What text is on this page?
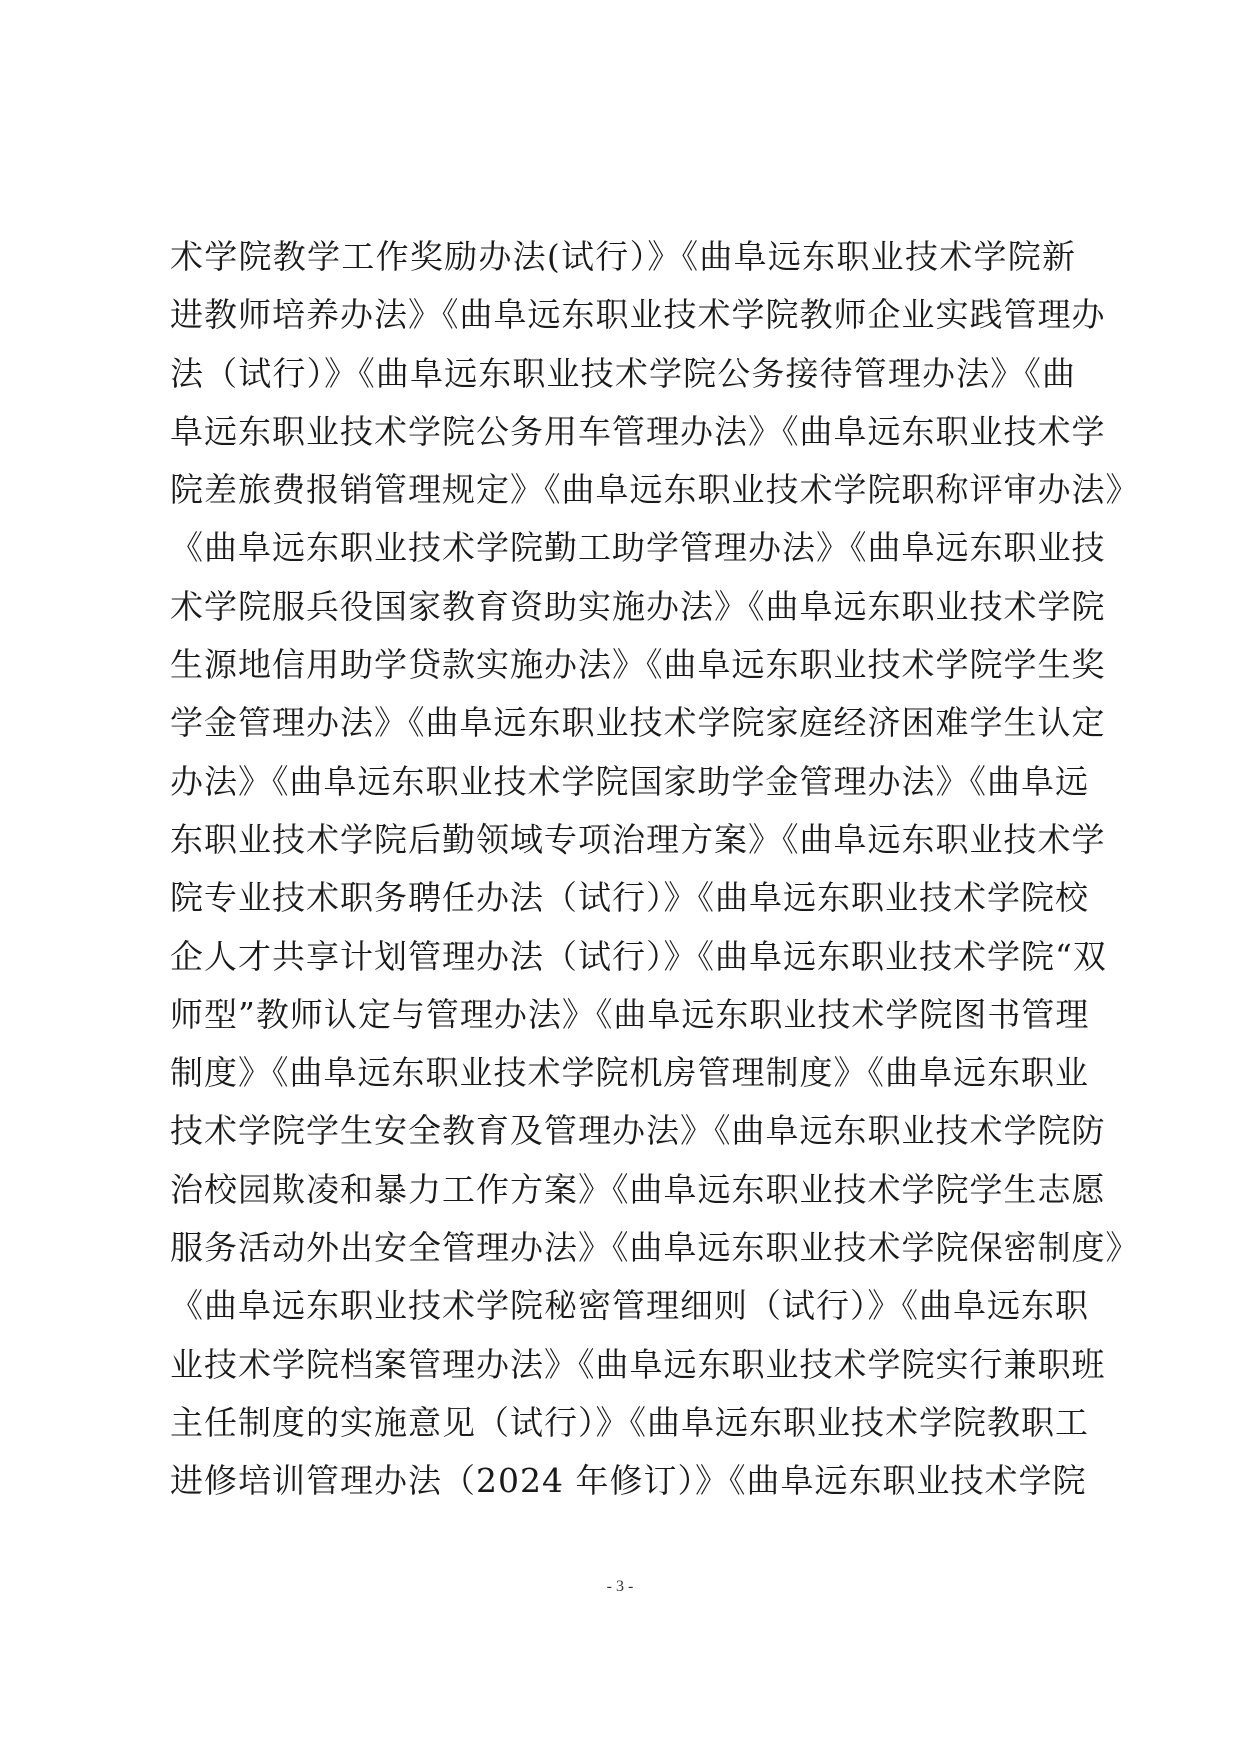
术学院教学工作奖励办法(试行）》《曲阜远东职业技术学院新
进教师培养办法》《曲阜远东职业技术学院教师企业实践管理办
法（试行）》《曲阜远东职业技术学院公务接待管理办法》《曲
阜远东职业技术学院公务用车管理办法》《曲阜远东职业技术学
院差旅费报销管理规定》《曲阜远东职业技术学院职称评审办法》
《曲阜远东职业技术学院勤工助学管理办法》《曲阜远东职业技
术学院服兵役国家教育资助实施办法》《曲阜远东职业技术学院
生源地信用助学贷款实施办法》《曲阜远东职业技术学院学生奖
学金管理办法》《曲阜远东职业技术学院家庭经济困难学生认定
办法》《曲阜远东职业技术学院国家助学金管理办法》《曲阜远
东职业技术学院后勤领域专项治理方案》《曲阜远东职业技术学
院专业技术职务聘任办法（试行）》《曲阜远东职业技术学院校
企人才共享计划管理办法（试行）》《曲阜远东职业技术学院“双
师型”教师认定与管理办法》《曲阜远东职业技术学院图书管理
制度》《曲阜远东职业技术学院机房管理制度》《曲阜远东职业
技术学院学生安全教育及管理办法》《曲阜远东职业技术学院防
治校园欺凌和暴力工作方案》《曲阜远东职业技术学院学生志愿
服务活动外出安全管理办法》《曲阜远东职业技术学院保密制度》
《曲阜远东职业技术学院秘密管理细则（试行）》《曲阜远东职
业技术学院档案管理办法》《曲阜远东职业技术学院实行兼职班
主任制度的实施意见（试行）》《曲阜远东职业技术学院教职工
进修培训管理办法（2024 年修订）》《曲阜远东职业技术学院
- 3 -
